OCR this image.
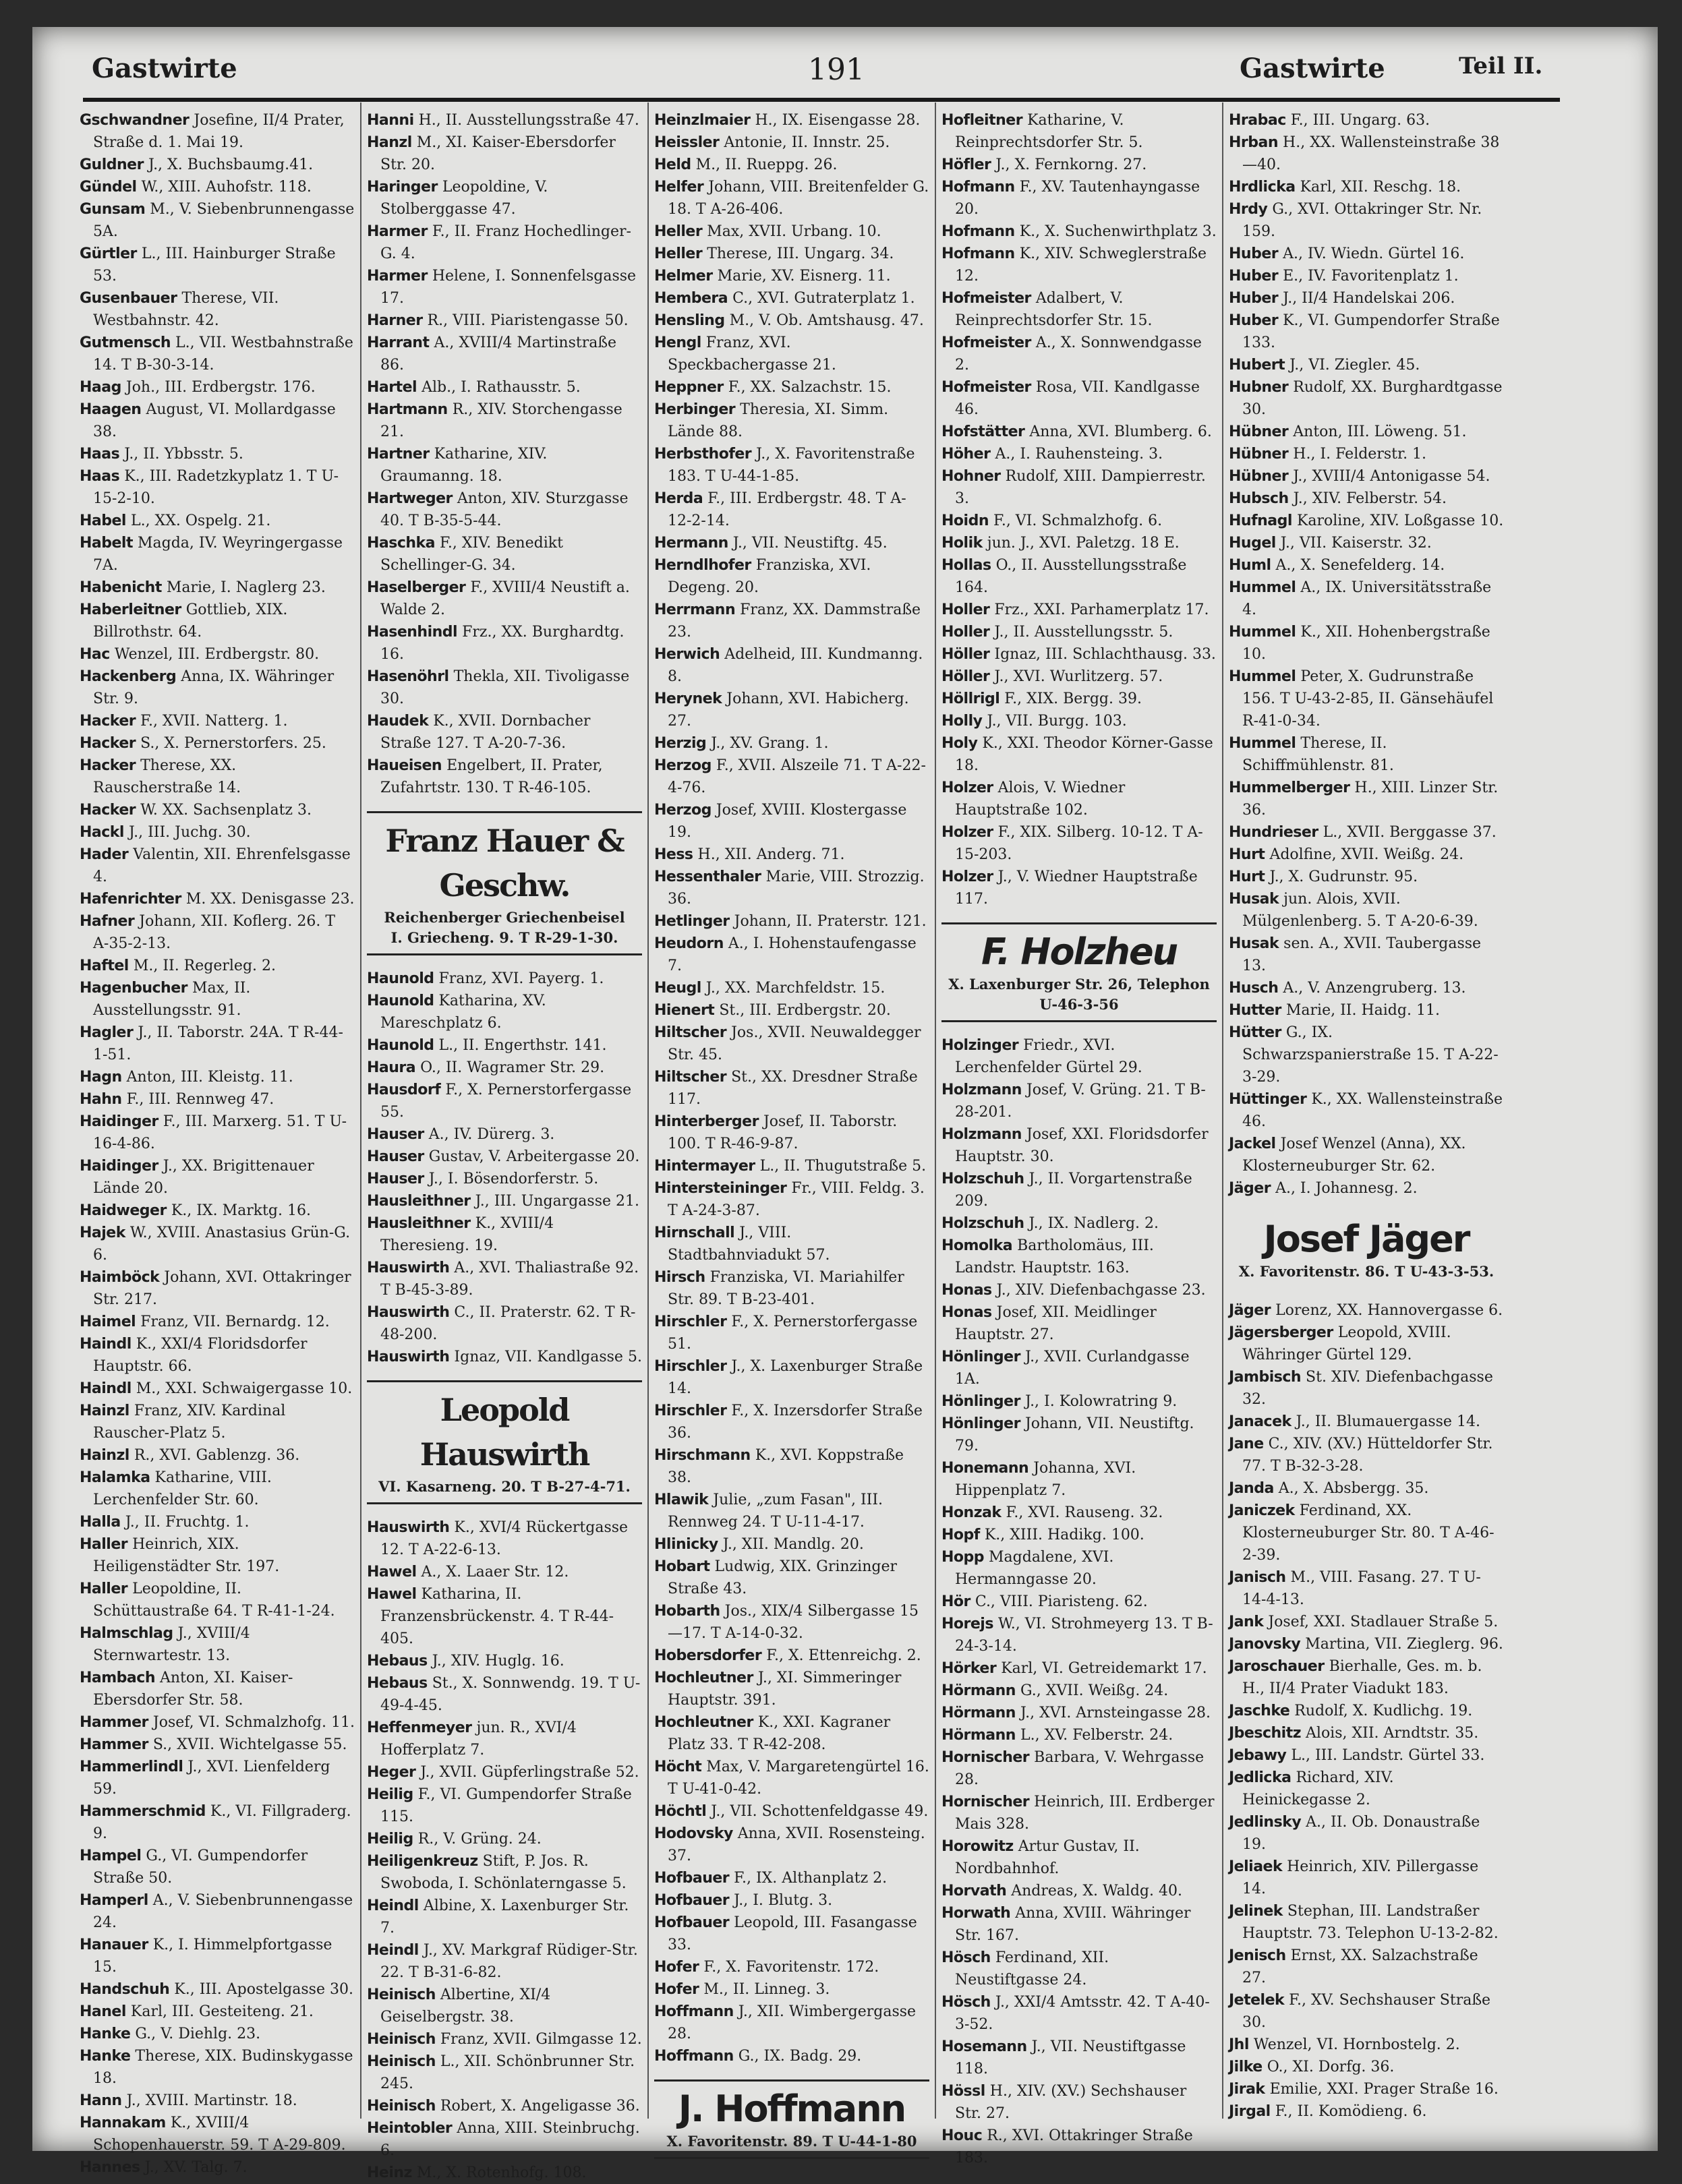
Gastwirte	191	Gastwirte	Teil II.

Gschwandner Josefine, II/4 Prater, Straße d. 1. Mai 19.

Guldner J., X. Buchsbaumg.41.

Gündel W., XIII. Auhofstr. 118.

Gunsam M., V. Siebenbrunnengasse 5A.

Gürtler L., III. Hainburger Straße 53.

Gusenbauer Therese, VII. Westbahnstr. 42.

Gutmensch L., VII. Westbahnstraße 14. T B-30-3-14.

Haag Joh., III. Erdbergstr. 176.

Haagen August, VI. Mollardgasse 38.

Haas J., II. Ybbsstr. 5.

Haas K., III. Radetzkyplatz 1. T U-15-2-10.

Habel L., XX. Ospelg. 21.

Habelt Magda, IV. Weyringergasse 7A.

Habenicht Marie, I. Naglerg 23.

Haberleitner Gottlieb, XIX. Billrothstr. 64.

Hac Wenzel, III. Erdbergstr. 80.

Hackenberg Anna, IX. Währinger Str. 9.

Hacker F., XVII. Natterg. 1.

Hacker S., X. Pernerstorfers. 25.

Hacker Therese, XX. Rauscherstraße 14.

Hacker W. XX. Sachsenplatz 3.

Hackl J., III. Juchg. 30.

Hader Valentin, XII. Ehrenfelsgasse 4.

Hafenrichter M. XX. Denisgasse 23.

Hafner Johann, XII. Koflerg. 26. T A-35-2-13.

Haftel M., II. Regerleg. 2.

Hagenbucher Max, II. Ausstellungsstr. 91.

Hagler J., II. Taborstr. 24A. T R-44-1-51.

Hagn Anton, III. Kleistg. 11.

Hahn F., III. Rennweg 47.

Haidinger F., III. Marxerg. 51. T U-16-4-86.

Haidinger J., XX. Brigittenauer Lände 20.

Haidweger K., IX. Marktg. 16.

Hajek W., XVIII. Anastasius Grün-G. 6.

Haimböck Johann, XVI. Ottakringer Str. 217.

Haimel Franz, VII. Bernardg. 12.

Haindl K., XXI/4 Floridsdorfer Hauptstr. 66.

Haindl M., XXI. Schwaigergasse 10.

Hainzl Franz, XIV. Kardinal Rauscher-Platz 5.

Hainzl R., XVI. Gablenzg. 36.

Halamka Katharine, VIII. Lerchenfelder Str. 60.

Halla J., II. Fruchtg. 1.

Haller Heinrich, XIX. Heiligenstädter Str. 197.

Haller Leopoldine, II. Schüttaustraße 64. T R-41-1-24.

Halmschlag J., XVIII/4 Sternwartestr. 13.

Hambach Anton, XI. Kaiser-Ebersdorfer Str. 58.

Hammer Josef, VI. Schmalzhofg. 11.

Hammer S., XVII. Wichtelgasse 55.

Hammerlindl J., XVI. Lienfelderg 59.

Hammerschmid K., VI. Fillgraderg. 9.

Hampel G., VI. Gumpendorfer Straße 50.

Hamperl A., V. Siebenbrunnengasse 24.

Hanauer K., I. Himmelpfortgasse 15.

Handschuh K., III. Apostelgasse 30.

Hanel Karl, III. Gesteiteng. 21.

Hanke G., V. Diehlg. 23.

Hanke Therese, XIX. Budinskygasse 18.

Hann J., XVIII. Martinstr. 18.

Hannakam K., XVIII/4 Schopenhauerstr. 59. T A-29-809.

Hannes J., XV. Talg. 7.

Hanni H., II. Ausstellungsstraße 47.

Hanzl M., XI. Kaiser-Ebersdorfer Str. 20.

Haringer Leopoldine, V. Stolberggasse 47.

Harmer F., II. Franz Hochedlinger-G. 4.

Harmer Helene, I. Sonnenfelsgasse 17.

Harner R., VIII. Piaristengasse 50.

Harrant A., XVIII/4 Martinstraße 86.

Hartel Alb., I. Rathausstr. 5.

Hartmann R., XIV. Storchengasse 21.

Hartner Katharine, XIV. Graumanng. 18.

Hartweger Anton, XIV. Sturzgasse 40. T B-35-5-44.

Haschka F., XIV. Benedikt Schellinger-G. 34.

Haselberger F., XVIII/4 Neustift a. Walde 2.

Hasenhindl Frz., XX. Burghardtg. 16.

Hasenöhrl Thekla, XII. Tivoligasse 30.

Haudek K., XVII. Dornbacher Straße 127. T A-20-7-36.

Haueisen Engelbert, II. Prater, Zufahrtstr. 130. T R-46-105.

Franz Hauer & Geschw.
Reichenberger Griechenbeisel
I. Griecheng. 9. T R-29-1-30.

Haunold Franz, XVI. Payerg. 1.

Haunold Katharina, XV. Mareschplatz 6.

Haunold L., II. Engerthstr. 141.

Haura O., II. Wagramer Str. 29.

Hausdorf F., X. Pernerstorfergasse 55.

Hauser A., IV. Dürerg. 3.

Hauser Gustav, V. Arbeitergasse 20.

Hauser J., I. Bösendorferstr. 5.

Hausleithner J., III. Ungargasse 21.

Hausleithner K., XVIII/4 Theresieng. 19.

Hauswirth A., XVI. Thaliastraße 92. T B-45-3-89.

Hauswirth C., II. Praterstr. 62. T R-48-200.

Hauswirth Ignaz, VII. Kandlgasse 5.

Leopold Hauswirth
VI. Kasarneng. 20. T B-27-4-71.

Hauswirth K., XVI/4 Rückertgasse 12. T A-22-6-13.

Hawel A., X. Laaer Str. 12.

Hawel Katharina, II. Franzensbrückenstr. 4. T R-44-405.

Hebaus J., XIV. Huglg. 16.

Hebaus St., X. Sonnwendg. 19. T U-49-4-45.

Heffenmeyer jun. R., XVI/4 Hofferplatz 7.

Heger J., XVII. Güpferlingstraße 52.

Heilig F., VI. Gumpendorfer Straße 115.

Heilig R., V. Grüng. 24.

Heiligenkreuz Stift, P. Jos. R. Swoboda, I. Schönlaterngasse 5.

Heindl Albine, X. Laxenburger Str. 7.

Heindl J., XV. Markgraf Rüdiger-Str. 22. T B-31-6-82.

Heinisch Albertine, XI/4 Geiselbergstr. 38.

Heinisch Franz, XVII. Gilmgasse 12.

Heinisch L., XII. Schönbrunner Str. 245.

Heinisch Robert, X. Angeligasse 36.

Heintobler Anna, XIII. Steinbruchg. 6.

Heinz M., X. Rotenhofg. 108.

Heinzlmaier H., IX. Eisengasse 28.

Heissler Antonie, II. Innstr. 25.

Held M., II. Rueppg. 26.

Helfer Johann, VIII. Breitenfelder G. 18. T A-26-406.

Heller Max, XVII. Urbang. 10.

Heller Therese, III. Ungarg. 34.

Helmer Marie, XV. Eisnerg. 11.

Hembera C., XVI. Gutraterplatz 1.

Hensling M., V. Ob. Amtshausg. 47.

Hengl Franz, XVI. Speckbachergasse 21.

Heppner F., XX. Salzachstr. 15.

Herbinger Theresia, XI. Simm. Lände 88.

Herbsthofer J., X. Favoritenstraße 183. T U-44-1-85.

Herda F., III. Erdbergstr. 48. T A-12-2-14.

Hermann J., VII. Neustiftg. 45.

Herndlhofer Franziska, XVI. Degeng. 20.

Herrmann Franz, XX. Dammstraße 23.

Herwich Adelheid, III. Kundmanng. 8.

Herynek Johann, XVI. Habicherg. 27.

Herzig J., XV. Grang. 1.

Herzog F., XVII. Alszeile 71. T A-22-4-76.

Herzog Josef, XVIII. Klostergasse 19.

Hess H., XII. Anderg. 71.

Hessenthaler Marie, VIII. Strozzig. 36.

Hetlinger Johann, II. Praterstr. 121.

Heudorn A., I. Hohenstaufengasse 7.

Heugl J., XX. Marchfeldstr. 15.

Hienert St., III. Erdbergstr. 20.

Hiltscher Jos., XVII. Neuwaldegger Str. 45.

Hiltscher St., XX. Dresdner Straße 117.

Hinterberger Josef, II. Taborstr. 100. T R-46-9-87.

Hintermayer L., II. Thugutstraße 5.

Hintersteininger Fr., VIII. Feldg. 3. T A-24-3-87.

Hirnschall J., VIII. Stadtbahnviadukt 57.

Hirsch Franziska, VI. Mariahilfer Str. 89. T B-23-401.

Hirschler F., X. Pernerstorfergasse 51.

Hirschler J., X. Laxenburger Straße 14.

Hirschler F., X. Inzersdorfer Straße 36.

Hirschmann K., XVI. Koppstraße 38.

Hlawik Julie, „zum Fasan", III. Rennweg 24. T U-11-4-17.

Hlinicky J., XII. Mandlg. 20.

Hobart Ludwig, XIX. Grinzinger Straße 43.

Hobarth Jos., XIX/4 Silbergasse 15—17. T A-14-0-32.

Hobersdorfer F., X. Ettenreichg. 2.

Hochleutner J., XI. Simmeringer Hauptstr. 391.

Hochleutner K., XXI. Kagraner Platz 33. T R-42-208.

Höcht Max, V. Margaretengürtel 16. T U-41-0-42.

Höchtl J., VII. Schottenfeldgasse 49.

Hodovsky Anna, XVII. Rosensteing. 37.

Hofbauer F., IX. Althanplatz 2.

Hofbauer J., I. Blutg. 3.

Hofbauer Leopold, III. Fasangasse 33.

Hofer F., X. Favoritenstr. 172.

Hofer M., II. Linneg. 3.

Hoffmann J., XII. Wimbergergasse 28.

Hoffmann G., IX. Badg. 29.

J. Hoffmann
X. Favoritenstr. 89. T U-44-1-80

Hofleitner Katharine, V. Reinprechtsdorfer Str. 5.

Höfler J., X. Fernkorng. 27.

Hofmann F., XV. Tautenhayngasse 20.

Hofmann K., X. Suchenwirthplatz 3.

Hofmann K., XIV. Schweglerstraße 12.

Hofmeister Adalbert, V. Reinprechtsdorfer Str. 15.

Hofmeister A., X. Sonnwendgasse 2.

Hofmeister Rosa, VII. Kandlgasse 46.

Hofstätter Anna, XVI. Blumberg. 6.

Höher A., I. Rauhensteing. 3.

Hohner Rudolf, XIII. Dampierrestr. 3.

Hoidn F., VI. Schmalzhofg. 6.

Holik jun. J., XVI. Paletzg. 18 E.

Hollas O., II. Ausstellungsstraße 164.

Holler Frz., XXI. Parhamerplatz 17.

Holler J., II. Ausstellungsstr. 5.

Höller Ignaz, III. Schlachthausg. 33.

Höller J., XVI. Wurlitzerg. 57.

Höllrigl F., XIX. Bergg. 39.

Holly J., VII. Burgg. 103.

Holy K., XXI. Theodor Körner-Gasse 18.

Holzer Alois, V. Wiedner Hauptstraße 102.

Holzer F., XIX. Silberg. 10-12. T A-15-203.

Holzer J., V. Wiedner Hauptstraße 117.

F. Holzheu
X. Laxenburger Str. 26, Telephon U-46-3-56

Holzinger Friedr., XVI. Lerchenfelder Gürtel 29.

Holzmann Josef, V. Grüng. 21. T B-28-201.

Holzmann Josef, XXI. Floridsdorfer Hauptstr. 30.

Holzschuh J., II. Vorgartenstraße 209.

Holzschuh J., IX. Nadlerg. 2.

Homolka Bartholomäus, III. Landstr. Hauptstr. 163.

Honas J., XIV. Diefenbachgasse 23.

Honas Josef, XII. Meidlinger Hauptstr. 27.

Hönlinger J., XVII. Curlandgasse 1A.

Hönlinger J., I. Kolowratring 9.

Hönlinger Johann, VII. Neustiftg. 79.

Honemann Johanna, XVI. Hippenplatz 7.

Honzak F., XVI. Rauseng. 32.

Hopf K., XIII. Hadikg. 100.

Hopp Magdalene, XVI. Hermanngasse 20.

Hör C., VIII. Piaristeng. 62.

Horejs W., VI. Strohmeyerg 13. T B-24-3-14.

Hörker Karl, VI. Getreidemarkt 17.

Hörmann G., XVII. Weißg. 24.

Hörmann J., XVI. Arnsteingasse 28.

Hörmann L., XV. Felberstr. 24.

Hornischer Barbara, V. Wehrgasse 28.

Hornischer Heinrich, III. Erdberger Mais 328.

Horowitz Artur Gustav, II. Nordbahnhof.

Horvath Andreas, X. Waldg. 40.

Horwath Anna, XVIII. Währinger Str. 167.

Hösch Ferdinand, XII. Neustiftgasse 24.

Hösch J., XXI/4 Amtsstr. 42. T A-40-3-52.

Hosemann J., VII. Neustiftgasse 118.

Hössl H., XIV. (XV.) Sechshauser Str. 27.

Houc R., XVI. Ottakringer Straße 183.

Hrabac F., III. Ungarg. 63.

Hrban H., XX. Wallensteinstraße 38—40.

Hrdlicka Karl, XII. Reschg. 18.

Hrdy G., XVI. Ottakringer Str. Nr. 159.

Huber A., IV. Wiedn. Gürtel 16.

Huber E., IV. Favoritenplatz 1.

Huber J., II/4 Handelskai 206.

Huber K., VI. Gumpendorfer Straße 133.

Hubert J., VI. Ziegler. 45.

Hubner Rudolf, XX. Burghardtgasse 30.

Hübner Anton, III. Löweng. 51.

Hübner H., I. Felderstr. 1.

Hübner J., XVIII/4 Antonigasse 54.

Hubsch J., XIV. Felberstr. 54.

Hufnagl Karoline, XIV. Loßgasse 10.

Hugel J., VII. Kaiserstr. 32.

Huml A., X. Senefelderg. 14.

Hummel A., IX. Universitätsstraße 4.

Hummel K., XII. Hohenbergstraße 10.

Hummel Peter, X. Gudrunstraße 156. T U-43-2-85, II. Gänsehäufel R-41-0-34.

Hummel Therese, II. Schiffmühlenstr. 81.

Hummelberger H., XIII. Linzer Str. 36.

Hundrieser L., XVII. Berggasse 37.

Hurt Adolfine, XVII. Weißg. 24.

Hurt J., X. Gudrunstr. 95.

Husak jun. Alois, XVII. Mülgenlenberg. 5. T A-20-6-39.

Husak sen. A., XVII. Taubergasse 13.

Husch A., V. Anzengruberg. 13.

Hutter Marie, II. Haidg. 11.

Hütter G., IX. Schwarzspanierstraße 15. T A-22-3-29.

Hüttinger K., XX. Wallensteinstraße 46.

Jackel Josef Wenzel (Anna), XX. Klosterneuburger Str. 62.

Jäger A., I. Johannesg. 2.

Josef Jäger
X. Favoritenstr. 86. T U-43-3-53.

Jäger Lorenz, XX. Hannovergasse 6.

Jägersberger Leopold, XVIII. Währinger Gürtel 129.

Jambisch St. XIV. Diefenbachgasse 32.

Janacek J., II. Blumauergasse 14.

Jane C., XIV. (XV.) Hütteldorfer Str. 77. T B-32-3-28.

Janda A., X. Absbergg. 35.

Janiczek Ferdinand, XX. Klosterneuburger Str. 80. T A-46-2-39.

Janisch M., VIII. Fasang. 27. T U-14-4-13.

Jank Josef, XXI. Stadlauer Straße 5.

Janovsky Martina, VII. Zieglerg. 96.

Jaroschauer Bierhalle, Ges. m. b. H., II/4 Prater Viadukt 183.

Jaschke Rudolf, X. Kudlichg. 19.

Jbeschitz Alois, XII. Arndtstr. 35.

Jebawy L., III. Landstr. Gürtel 33.

Jedlicka Richard, XIV. Heinickegasse 2.

Jedlinsky A., II. Ob. Donaustraße 19.

Jeliaek Heinrich, XIV. Pillergasse 14.

Jelinek Stephan, III. Landstraßer Hauptstr. 73. Telephon U-13-2-82.

Jenisch Ernst, XX. Salzachstraße 27.

Jetelek F., XV. Sechshauser Straße 30.

Jhl Wenzel, VI. Hornbostelg. 2.

Jilke O., XI. Dorfg. 36.

Jirak Emilie, XXI. Prager Straße 16.

Jirgal F., II. Komödieng. 6.
